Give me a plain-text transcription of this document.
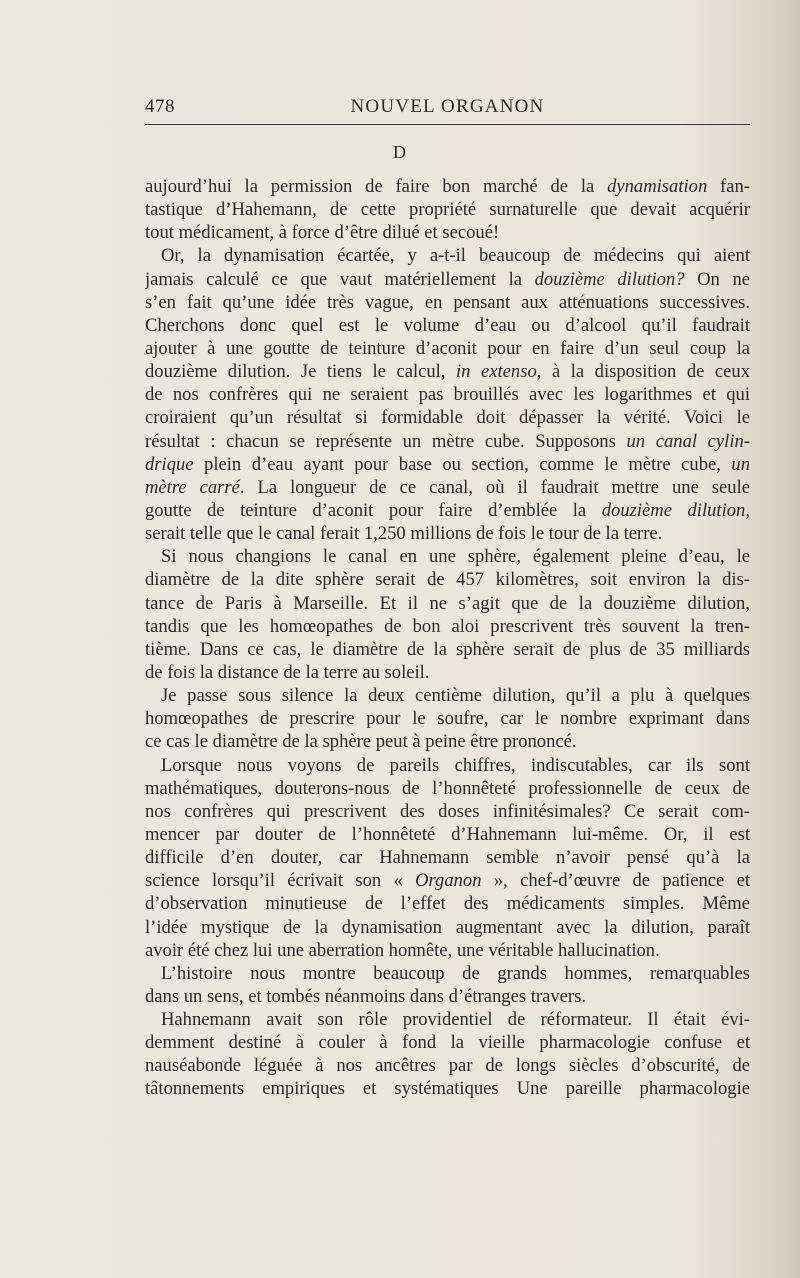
478	NOUVEL ORGANON
D
aujourd’hui la permission de faire bon marché de la dynamisation fan-
tastique d’Hahemann, de cette propriété surnaturelle que devait acquérir
tout médicament, à force d’être dilué et secoué!
Or, la dynamisation écartée, y a-t-il beaucoup de médecins qui aient
jamais calculé ce que vaut matériellement la douzième dilution? On ne
s’en fait qu’une idée très vague, en pensant aux atténuations successives.
Cherchons donc quel est le volume d’eau ou d’alcool qu’il faudrait
ajouter à une goutte de teinture d’aconit pour en faire d’un seul coup la
douzième dilution. Je tiens le calcul, in extenso, à la disposition de ceux
de nos confrères qui ne seraient pas brouillés avec les logarithmes et qui
croiraient qu’un résultat si formidable doit dépasser la vérité. Voici le
résultat : chacun se représente un mètre cube. Supposons un canal cylin-
drique plein d’eau ayant pour base ou section, comme le mètre cube, un
mètre carré. La longueur de ce canal, où il faudrait mettre une seule
goutte de teinture d’aconit pour faire d’emblée la douzième dilution,
serait telle que le canal ferait 1,250 millions de fois le tour de la terre.
Si nous changions le canal en une sphère, également pleine d’eau, le
diamètre de la dite sphère serait de 457 kilomètres, soit environ la dis-
tance de Paris à Marseille. Et il ne s’agit que de la douzième dilution,
tandis que les homœopathes de bon aloi prescrivent très souvent la tren-
tième. Dans ce cas, le diamètre de la sphère serait de plus de 35 milliards
de fois la distance de la terre au soleil.
Je passe sous silence la deux centième dilution, qu’il a plu à quelques
homœopathes de prescrire pour le soufre, car le nombre exprimant dans
ce cas le diamètre de la sphère peut à peine être prononcé.
Lorsque nous voyons de pareils chiffres, indiscutables, car ils sont
mathématiques, douterons-nous de l’honnêteté professionnelle de ceux de
nos confrères qui prescrivent des doses infinitésimales? Ce serait com-
mencer par douter de l’honnêteté d’Hahnemann lui-même. Or, il est
difficile d’en douter, car Hahnemann semble n’avoir pensé qu’à la
science lorsqu’il écrivait son « Organon », chef-d’œuvre de patience et
d’observation minutieuse de l’effet des médicaments simples. Même
l’idée mystique de la dynamisation augmentant avec la dilution, paraît
avoir été chez lui une aberration honnête, une véritable hallucination.
L’histoire nous montre beaucoup de grands hommes, remarquables
dans un sens, et tombés néanmoins dans d’étranges travers.
Hahnemann avait son rôle providentiel de réformateur. Il était évi-
demment destiné à couler à fond la vieille pharmacologie confuse et
nauséabonde léguée à nos ancêtres par de longs siècles d’obscurité, de
tâtonnements empiriques et systématiques Une pareille pharmacologie
